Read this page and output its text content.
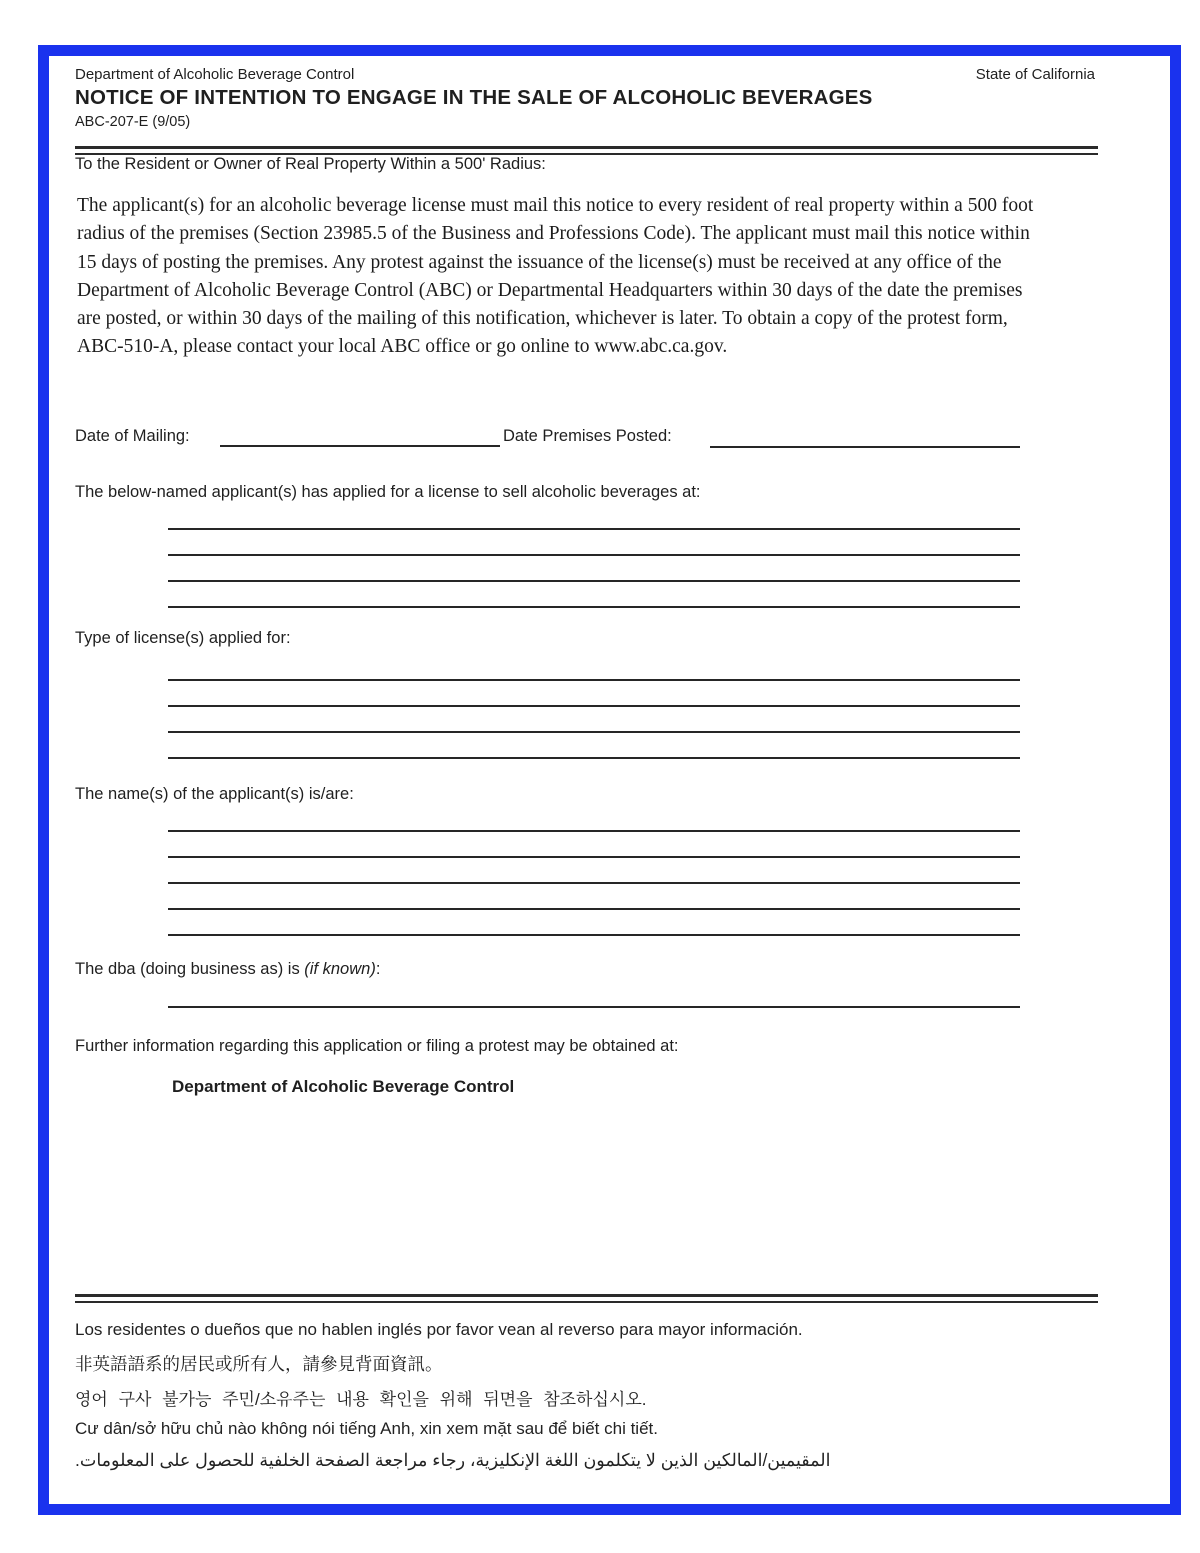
Department of Alcoholic Beverage Control	State of California
NOTICE OF INTENTION TO ENGAGE IN THE SALE OF ALCOHOLIC BEVERAGES
ABC-207-E (9/05)
To the Resident or Owner of Real Property Within a 500' Radius:
The applicant(s) for an alcoholic beverage license must mail this notice to every resident of real property within a 500 foot radius of the premises (Section 23985.5 of the Business and Professions Code). The applicant must mail this notice within 15 days of posting the premises. Any protest against the issuance of the license(s) must be received at any office of the Department of Alcoholic Beverage Control (ABC) or Departmental Headquarters within 30 days of the date the premises are posted, or within 30 days of the mailing of this notification, whichever is later. To obtain a copy of the protest form, ABC-510-A, please contact your local ABC office or go online to www.abc.ca.gov.
Date of Mailing:	Date Premises Posted:
The below-named applicant(s) has applied for a license to sell alcoholic beverages at:
Type of license(s) applied for:
The name(s) of the applicant(s) is/are:
The dba (doing business as) is (if known):
Further information regarding this application or filing a protest may be obtained at:
Department of Alcoholic Beverage Control
Los residentes o dueños que no hablen inglés por favor vean al reverso para mayor información.
非英語語系的居民或所有人，請參見背面資訊。
영어 구사 불가능 주민/소유주는 내용 확인을 위해 뒤면을 참조하십시오.
Cư dân/sở hữu chủ nào không nói tiếng Anh, xin xem mặt sau để biết chi tiết.
المقيمين/المالكين الذين لا يتكلمون اللغة الإنكليزية، رجاء مراجعة الصفحة الخلفية للحصول على المعلومات.
